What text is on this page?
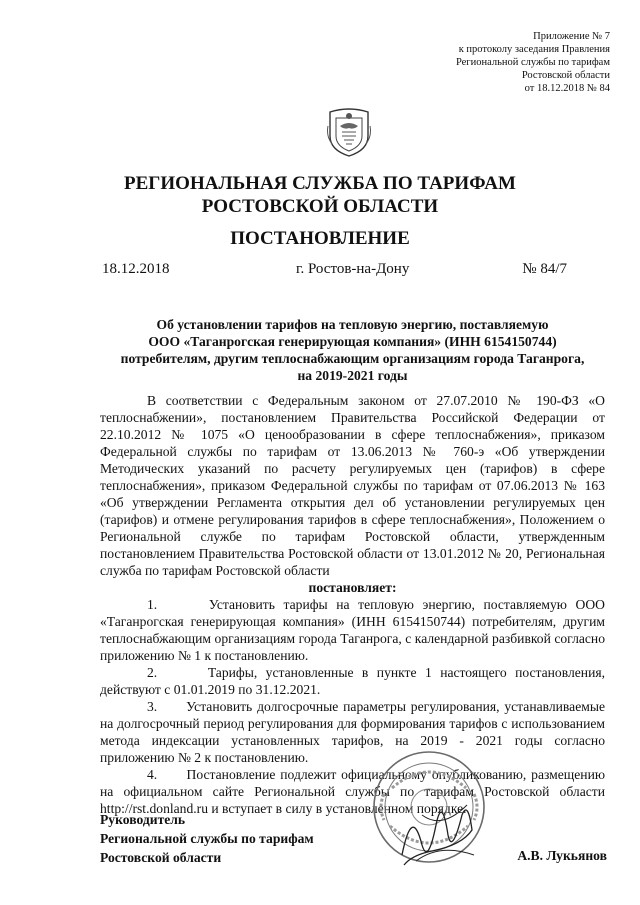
Приложение № 7
к протоколу заседания Правления
Региональной службы по тарифам
Ростовской области
от 18.12.2018 № 84
РЕГИОНАЛЬНАЯ СЛУЖБА ПО ТАРИФАМ
РОСТОВСКОЙ ОБЛАСТИ
ПОСТАНОВЛЕНИЕ
18.12.2018	г. Ростов-на-Дону	№ 84/7
Об установлении тарифов на тепловую энергию, поставляемую
ООО «Таганрогская генерирующая компания» (ИНН 6154150744)
потребителям, другим теплоснабжающим организациям города Таганрога,
на 2019-2021 годы

В соответствии с Федеральным законом от 27.07.2010 № 190-ФЗ «О теплоснабжении», постановлением Правительства Российской Федерации от 22.10.2012 № 1075 «О ценообразовании в сфере теплоснабжения», приказом Федеральной службы по тарифам от 13.06.2013 № 760-э «Об утверждении Методических указаний по расчету регулируемых цен (тарифов) в сфере теплоснабжения», приказом Федеральной службы по тарифам от 07.06.2013 № 163 «Об утверждении Регламента открытия дел об установлении регулируемых цен (тарифов) и отмене регулирования тарифов в сфере теплоснабжения», Положением о Региональной службе по тарифам Ростовской области, утвержденным постановлением Правительства Ростовской области от 13.01.2012 № 20, Региональная служба по тарифам Ростовской области

постановляет:

1.      Установить тарифы на тепловую энергию, поставляемую ООО «Таганрогская генерирующая компания» (ИНН 6154150744) потребителям, другим теплоснабжающим организациям города Таганрога, с календарной разбивкой согласно приложению № 1 к постановлению.

2.      Тарифы, установленные в пункте 1 настоящего постановления, действуют с 01.01.2019 по 31.12.2021.

3.      Установить долгосрочные параметры регулирования, устанавливаемые на долгосрочный период регулирования для формирования тарифов с использованием метода индексации установленных тарифов, на 2019 - 2021 годы согласно приложению № 2 к постановлению.

4.      Постановление подлежит официальному опубликованию, размещению на официальном сайте Региональной службы по тарифам Ростовской области http://rst.donland.ru и вступает в силу в установленном порядке.

Руководитель
Региональной службы по тарифам
Ростовской области	А.В. Лукьянов
